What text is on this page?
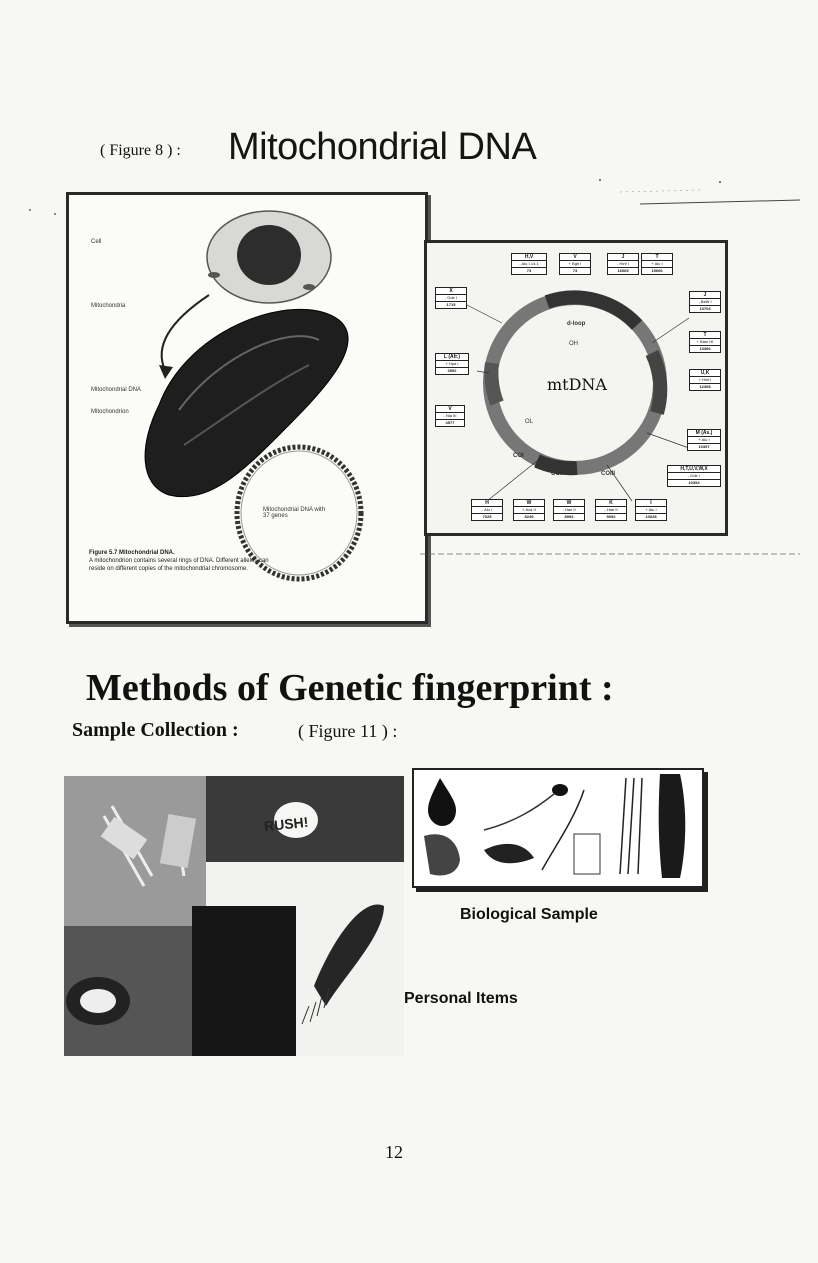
( Figure 8 ) : Mitochondrial DNA
Cell
Mitochondria
Mitochondrial DNA
Mitochondrion
Mitochondrial DNA with 37 genes
Figure 5.7 Mitochondrial DNA.
A mitochondrion contains several rings of DNA. Different alleles can reside on different copies of the mitochondrial chromosome.
mtDNA
d-loop
OH
OL
COI
COII	COIII
H,V
- Alu I-14.1
73
V
+ Bgh I
73
J
- Hinf I
16065
T
+ Alu I
15606
X
- Dde I
1715
J
- BstN I
13704
T
+ Bam HI
13366
L (Afr.)
+ Hpa I
3592	U,K
+ Hinf I
12308
V
- Nla III
4577
M (As.)
+ Alu I
10397
H,T,U,V,W,X
- Dde I
10394
H
- Alu I
7025
W
+ Ava II
8249
W
- Hae II
8994
K
- Hae II
9052
I
+ Alu I
10028
Methods of Genetic fingerprint :
Sample Collection :	( Figure 11 ) :
RUSH!
Biological Sample
Personal Items
12
